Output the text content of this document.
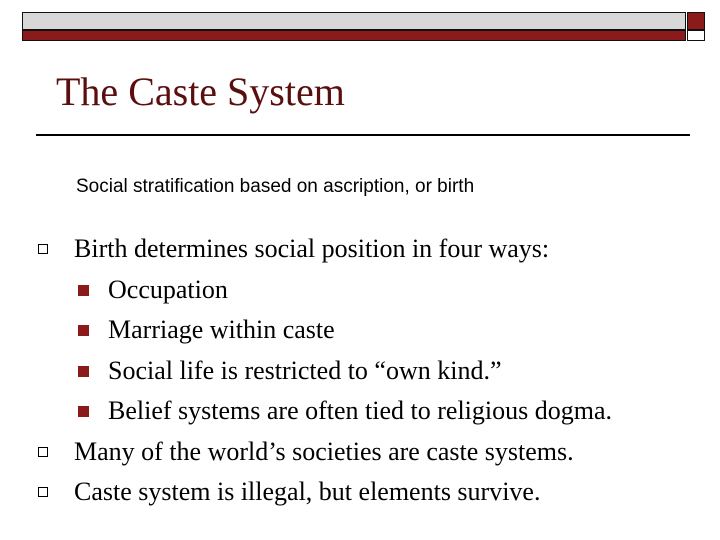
The Caste System
Social stratification based on ascription, or birth
Birth determines social position in four ways:
Occupation
Marriage within caste
Social life is restricted to “own kind.”
Belief systems are often tied to religious dogma.
Many of the world’s societies are caste systems.
Caste system is illegal, but elements survive.
